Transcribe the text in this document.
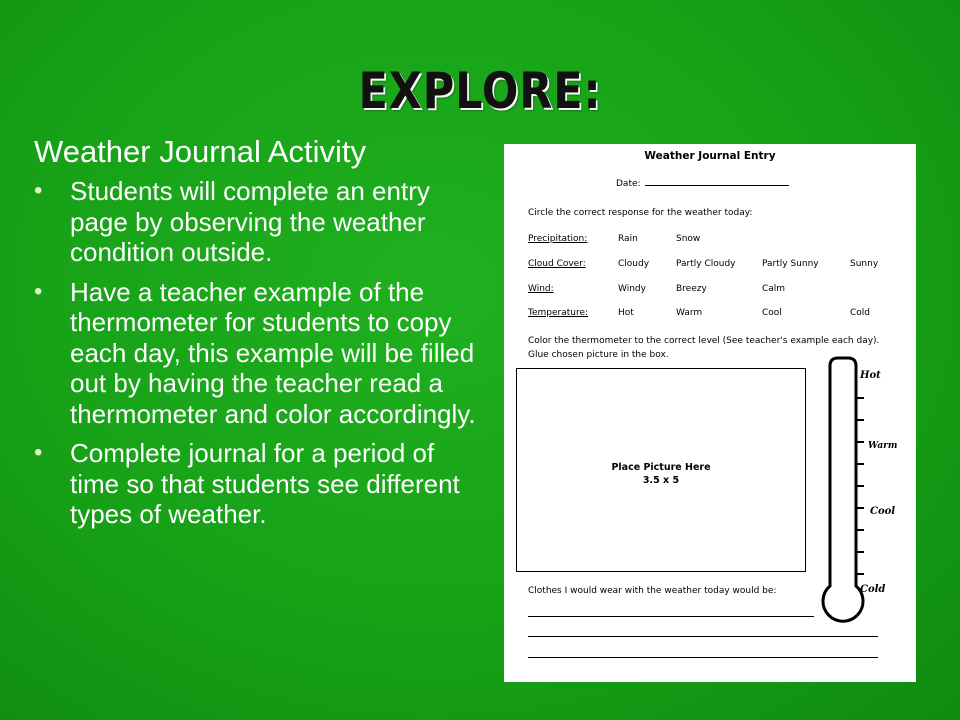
EXPLORE:
Weather Journal Activity
• Students will complete an entry page by observing the weather condition outside.
• Have a teacher example of the thermometer for students to copy each day, this example will be filled out by having the teacher read a thermometer and color accordingly.
• Complete journal for a period of time so that students see different types of weather.
Weather Journal Entry
Date:
Circle the correct response for the weather today:
Precipitation:	Rain	Snow
Cloud Cover:	Cloudy	Partly Cloudy	Partly Sunny	Sunny
Wind:	Windy	Breezy	Calm
Temperature:	Hot	Warm	Cool	Cold
Color the thermometer to the correct level (See teacher's example each day). Glue chosen picture in the box.
Place Picture Here
3.5 x 5
Hot
Warm
Cool
Cold
Clothes I would wear with the weather today would be:
